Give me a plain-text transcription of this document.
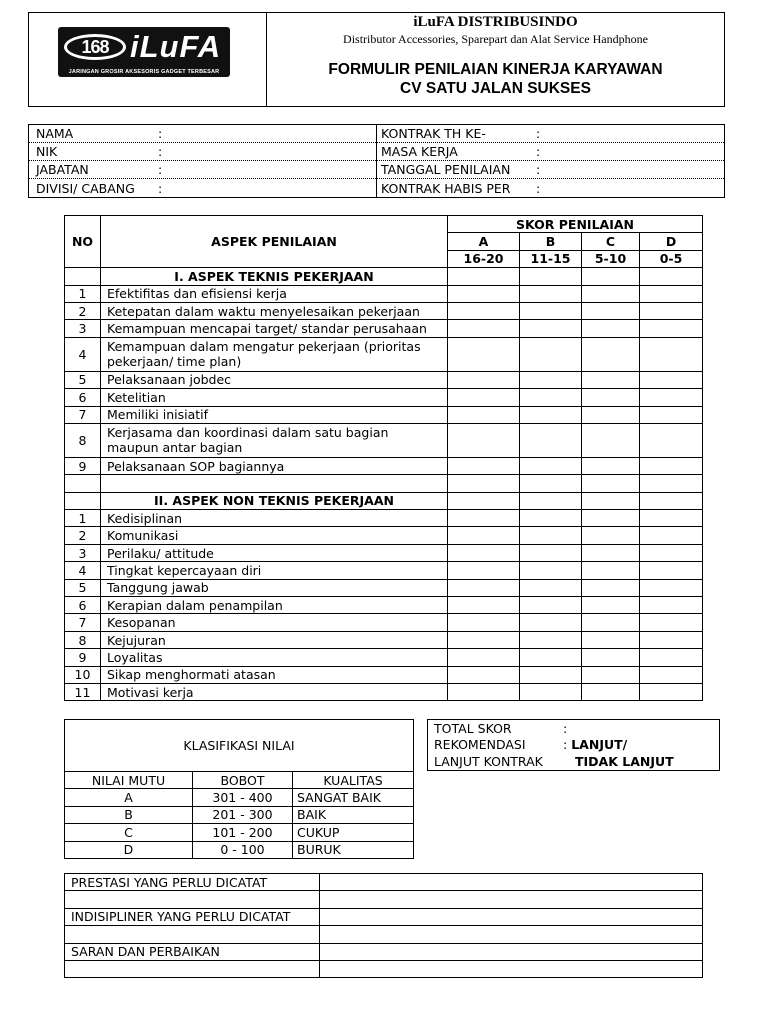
168 iLuFA
JARINGAN GROSIR AKSESORIS GADGET TERBESAR
iLuFA DISTRIBUSINDO
Distributor Accessories, Sparepart dan Alat Service Handphone
FORMULIR PENILAIAN KINERJA KARYAWAN
CV SATU JALAN SUKSES
NAMA	:
NIK	:
JABATAN	:
DIVISI/ CABANG	:
KONTRAK TH KE-	:
MASA KERJA	:
TANGGAL PENILAIAN	:
KONTRAK HABIS PER	:
NO	ASPEK PENILAIAN	SKOR PENILAIAN			
		A	B	C	D
		16-20	11-15	5-10	0-5
	I. ASPEK TEKNIS PEKERJAAN				
1	Efektifitas dan efisiensi kerja				
2	Ketepatan dalam waktu menyelesaikan pekerjaan				
3	Kemampuan mencapai target/ standar perusahaan				
4	Kemampuan dalam mengatur pekerjaan (prioritas pekerjaan/ time plan)				
5	Pelaksanaan jobdec				
6	Ketelitian				
7	Memiliki inisiatif				
8	Kerjasama dan koordinasi dalam satu bagian maupun antar bagian				
9	Pelaksanaan SOP bagiannya				

	II. ASPEK NON TEKNIS PEKERJAAN				
1	Kedisiplinan				
2	Komunikasi				
3	Perilaku/ attitude				
4	Tingkat kepercayaan diri				
5	Tanggung jawab				
6	Kerapian dalam penampilan				
7	Kesopanan				
8	Kejujuran				
9	Loyalitas				
10	Sikap menghormati atasan				
11	Motivasi kerja				
KLASIFIKASI NILAI		
NILAI MUTU	BOBOT	KUALITAS
A	301 - 400	SANGAT BAIK
B	201 - 300	BAIK
C	101 - 200	CUKUP
D	0 - 100	BURUK
TOTAL SKOR	:
REKOMENDASI	: LANJUT/
LANJUT KONTRAK	TIDAK LANJUT
PRESTASI YANG PERLU DICATAT	

INDISIPLINER YANG PERLU DICATAT	

SARAN DAN PERBAIKAN	
